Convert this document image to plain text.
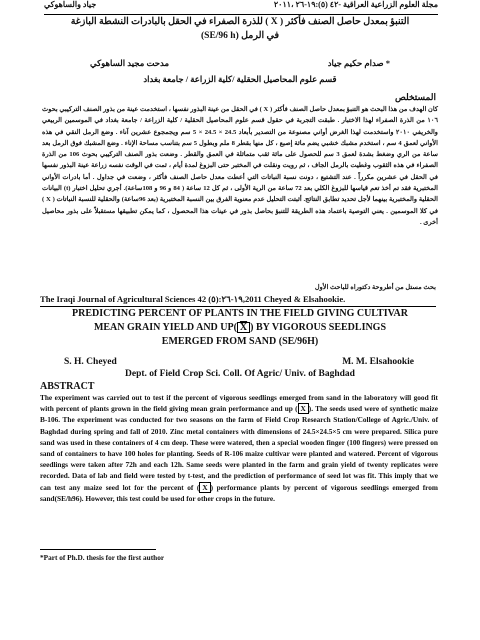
مجلة العلوم الزراعية العراقية -٤٢ (٥):١٩-٢٦ ،٢٠١١
جياد والساهوكي
التنبؤ بمعدل حاصل الصنف فأكثر ( X ) للذرة الصفراء في الحقل بالبادرات النشطة البازغة
في الرمل (SE/96 h)
* صدام حكيم جياد
مدحت مجيد الساهوكي
قسم علوم المحاصيل الحقلية /كلية الزراعة / جامعة بغداد
المستخلص
كان الهدف من هذا البحث هو التنبؤ بمعدل حاصل الصنف فأكثر ( X ) في الحقل من عينة البذور نفسها ، استخدمت عينة من بذور الصنف التركيبي بحوث ١٠٦ من الذرة الصفراء لهذا الاختبار . طبقت التجربة في حقول قسم علوم المحاصيل الحقلية / كلية الزراعة / جامعة بغداد في الموسمين الربيعي والخريفي ٢٠١٠ واستخدمت لهذا الغرض أواني مصنوعة من التصدير بأبعاد 24.5 × 24.5 × 5 سم ويجمجوع عشرين آناء . وضع الرمل النقي في هذه الأواني لعمق 4 سم ، استخدم مشبك خشبي يضم مائة إصبع ، كل منها بقطر 8 ملم وبطول 5 سم بتناسب مساحة الإناء . وضع المشبك فوق الرمل بعد ساعة من الري وضغط بشدة لعمق 3 سم للحصول على مائة ثقب متماثلة في العمق والقطر . وضعت بذور الصنف التركيبي بحوث 106 من الذرة الصفراء في هذه الثقوب وغطيت بالرمل الجاف ، ثم رويت ونقلت في المختبر حتى البزوغ لمدة أيام ، ثمت في الوقت نفسه زراعة عينة البذور نفسها في الحقل في عشرين مكرراً . عند التشتيع ، دونت نسبة النباتات التي أعطت معدل حاصل الصنف فأكثر ، وضعت في جداول . أما بادرات الأواني المختبرية فقد تم أخذ تعم قياسها للبزوغ الكلي بعد 72 ساعة من الرية الأولى ، ثم كل 12 ساعة ( 84 و 96 و 108ساعة). أجري تحليل اختبار (t) البيانات الحقلية والمختبرية بينهما لأجل تحديد تطابق النتائج. أثبتت التحليل عدم معنوية الفرق بين النسبة المختبرية (بعد 96ساعة) والحقلية للنسبة النباتات ( X ) في كلا الموسمين . يعني التوصية باعتماد هذه الطريقة للتنبؤ بحاصل بذور في عينات هذا المحصول ، كما يمكن تطبيقها مستقبلاً على بذور محاصيل أخرى .
بحث مستل من أطروحة دكتوراه للباحث الأول
The Iraqi Journal of Agricultural Sciences 42 (٥):١٩-٢٦,2011 Cheyed & Elsahookie.
PREDICTING PERCENT OF PLANTS IN THE FIELD GIVING CULTIVAR
MEAN GRAIN YIELD AND UP( $\overline{X}$ ) BY VIGOROUS SEEDLINGS
EMERGED FROM SAND (SE/96H)
S. H. Cheyed	M. M. Elsahookie
Dept. of Field Crop Sci. Coll. Of Agric/ Univ. of Baghdad
ABSTRACT

The experiment was carried out to test if the percent of vigorous seedlings emerged from sand in the laboratory will good fit with percent of plants grown in the field giving mean grain performance and up ( $\overline{X}$ ). The seeds used were of synthetic maize B-106. The experiment was conducted for two seasons on the farm of Field Crop Research Station/College of Agric./Univ. of Baghdad during spring and fall of 2010. Zinc metal containers with dimensions of 24.5×24.5×5 cm were prepared. Silica pure sand was used in these containers of 4 cm deep. These were watered, then a special wooden finger (100 fingers) were pressed on sand of containers to have 100 holes for planting. Seeds of R-106 maize cultivar were planted and watered. Percent of vigorous seedlings were taken after 72h and each 12h. Same seeds were planted in the farm and grain yield of twenty replicates were recorded. Data of lab and field were tested by t-test, and the prediction of performance of seed lot was fit. This imply that we can test any maize seed lot for the percent of ( $\overline{X}$ ) performance plants by percent of vigorous seedlings emerged from sand(SE/h96). However, this test could be used for other crops in the future.

*Part of Ph.D. thesis for the first author
